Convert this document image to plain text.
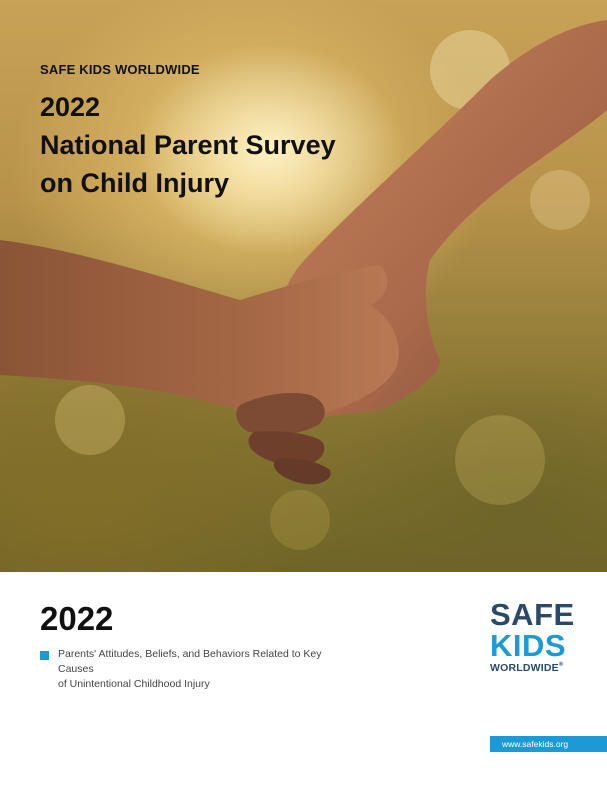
SAFE KIDS WORLDWIDE
2022
National Parent Survey
on Child Injury
2022
Parents' Attitudes, Beliefs, and Behaviors Related to Key Causes
of Unintentional Childhood Injury
SAFE
KIDS
WORLDWIDE®
www.safekids.org
